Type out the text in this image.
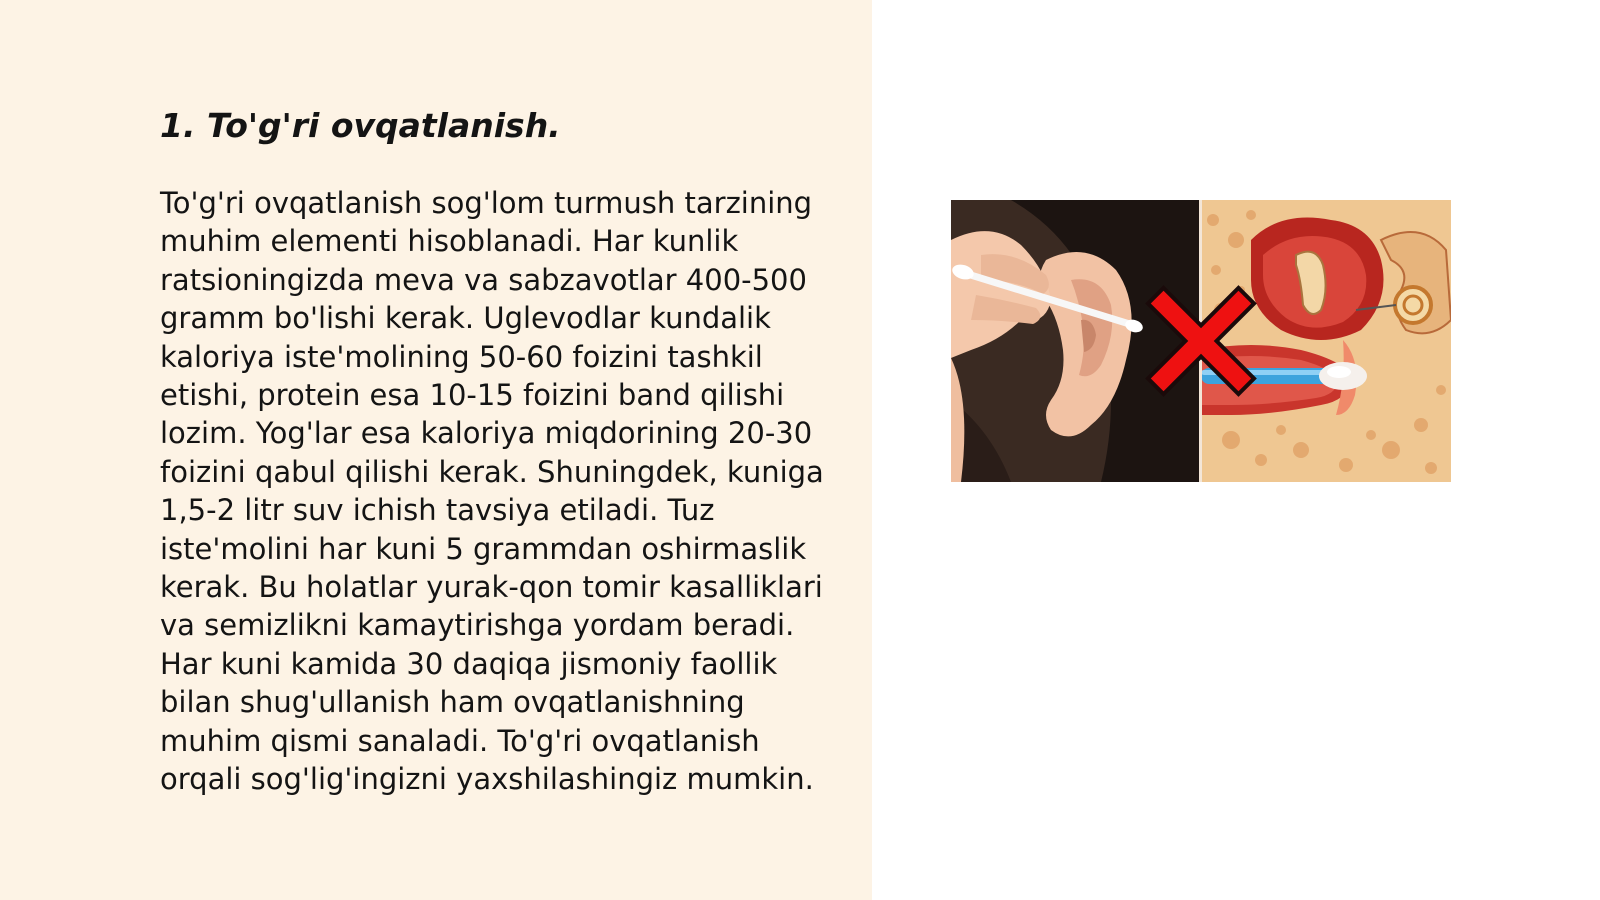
1. To'g'ri ovqatlanish.

To'g'ri ovqatlanish sog'lom turmush tarzining muhim elementi hisoblanadi. Har kunlik ratsioningizda meva va sabzavotlar 400-500 gramm bo'lishi kerak. Uglevodlar kundalik kaloriya iste'molining 50-60 foizini tashkil etishi, protein esa 10-15 foizini band qilishi lozim. Yog'lar esa kaloriya miqdorining 20-30 foizini qabul qilishi kerak. Shuningdek, kuniga 1,5-2 litr suv ichish tavsiya etiladi. Tuz iste'molini har kuni 5 grammdan oshirmaslik kerak. Bu holatlar yurak-qon tomir kasalliklari va semizlikni kamaytirishga yordam beradi. Har kuni kamida 30 daqiqa jismoniy faollik bilan shug'ullanish ham ovqatlanishning muhim qismi sanaladi. To'g'ri ovqatlanish orqali sog'lig'ingizni yaxshilashingiz mumkin.
